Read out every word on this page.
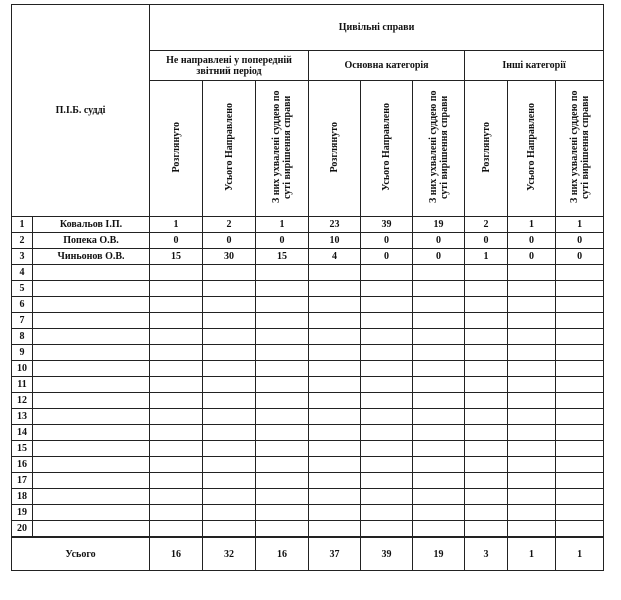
П.І.Б. судді		Цивільні справи								
		Не направлені у попередній звітний період			Основна категорія			Інші категорії		
		Розглянуто	Усього Направлено	З них ухвалені суддею по суті вирішення справи	Розглянуто	Усього Направлено	З них ухвалені суддею по суті вирішення справи	Розглянуто	Усього Направлено	З них ухвалені суддею по суті вирішення справи
1	Ковальов І.П.	1	2	1	23	39	19	2	1	1
2	Попека О.В.	0	0	0	10	0	0	0	0	0
3	Чиньонов О.В.	15	30	15	4	0	0	1	0	0
4										
5										
6										
7										
8										
9										
10										
11										
12										
13										
14										
15										
16										
17										
18										
19										
20										
Усього		16	32	16	37	39	19	3	1	1
